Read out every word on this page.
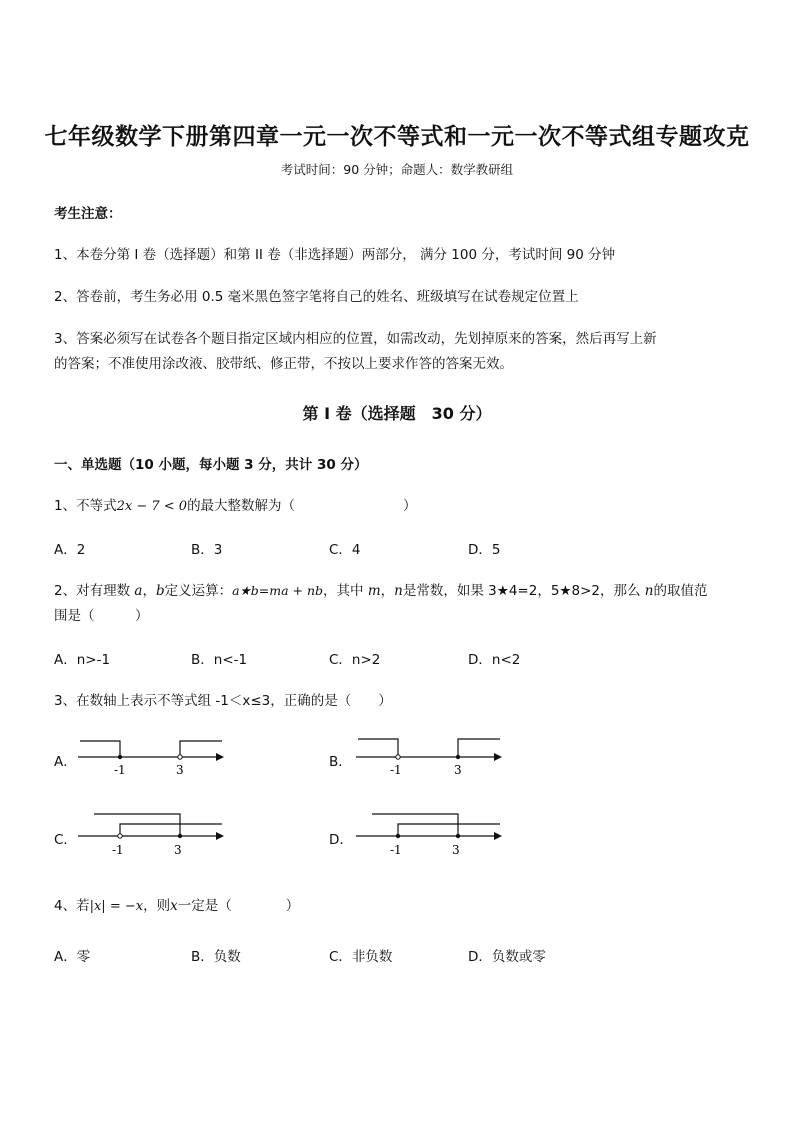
七年级数学下册第四章一元一次不等式和一元一次不等式组专题攻克
考试时间：90 分钟；命题人：数学教研组
考生注意：
1、本卷分第 I 卷（选择题）和第 II 卷（非选择题）两部分， 满分 100 分，考试时间 90 分钟
2、答卷前，考生务必用 0.5 毫米黑色签字笔将自己的姓名、班级填写在试卷规定位置上
3、答案必须写在试卷各个题目指定区域内相应的位置，如需改动，先划掉原来的答案，然后再写上新
的答案；不准使用涂改液、胶带纸、修正带，不按以上要求作答的答案无效。
第 I 卷（选择题　30 分）
一、单选题（10 小题，每小题 3 分，共计 30 分）
1、不等式2x − 7 < 0的最大整数解为（　　　　　　　　）
A．2	B．3	C．4	D．5
2、对有理数 a，b定义运算：a★b=ma + nb，其中 m，n是常数，如果 3★4=2，5★8>2，那么 n的取值范
围是（　　　）
A．n>-1	B．n<-1	C．n>2	D．n<2
3、在数轴上表示不等式组 -1＜x≤3，正确的是（　　）
A．	-1	3	B．	-1	3
C．
-1	3
D．
-1	3
4、若|x| = −x，则x一定是（　　　　）
A．零	B．负数	C．非负数	D．负数或零
